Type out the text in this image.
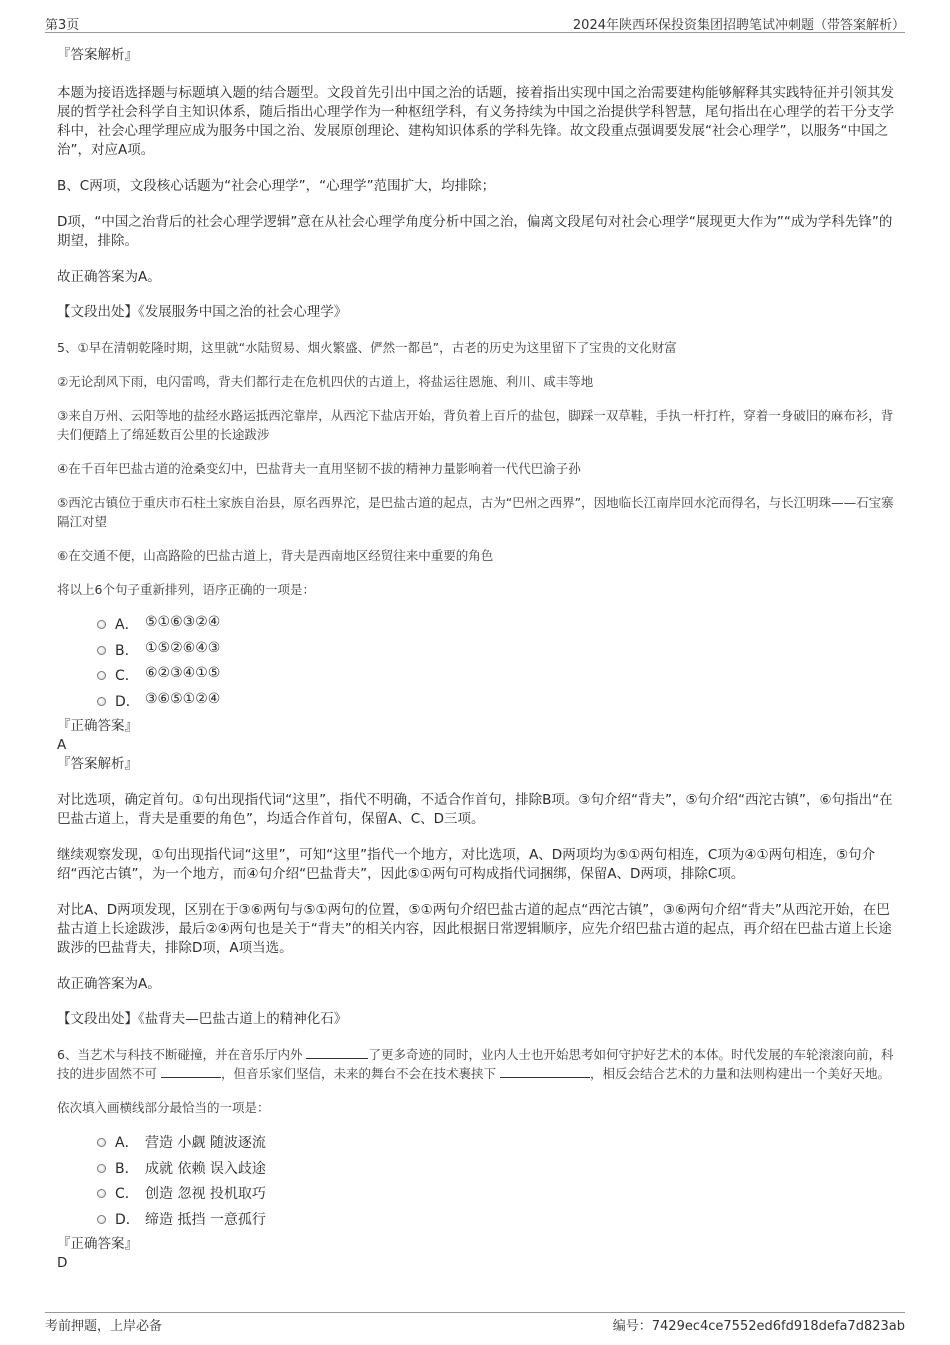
第3页	2024年陕西环保投资集团招聘笔试冲刺题（带答案解析）
『答案解析』
本题为接语选择题与标题填入题的结合题型。文段首先引出中国之治的话题，接着指出实现中国之治需要建构能够解释其实践特征并引领其发展的哲学社会科学自主知识体系，随后指出心理学作为一种枢纽学科，有义务持续为中国之治提供学科智慧，尾句指出在心理学的若干分支学科中，社会心理学理应成为服务中国之治、发展原创理论、建构知识体系的学科先锋。故文段重点强调要发展“社会心理学”，以服务“中国之治”，对应A项。
B、C两项，文段核心话题为“社会心理学”，“心理学”范围扩大，均排除；
D项，“中国之治背后的社会心理学逻辑”意在从社会心理学角度分析中国之治，偏离文段尾句对社会心理学“展现更大作为”“成为学科先锋”的期望，排除。
故正确答案为A。
【文段出处】《发展服务中国之治的社会心理学》
5、①早在清朝乾隆时期，这里就“水陆贸易、烟火繁盛、俨然一都邑”，古老的历史为这里留下了宝贵的文化财富
②无论刮风下雨，电闪雷鸣，背夫们都行走在危机四伏的古道上，将盐运往恩施、利川、咸丰等地
③来自万州、云阳等地的盐经水路运抵西沱靠岸，从西沱下盐店开始，背负着上百斤的盐包，脚踩一双草鞋，手执一杆打杵，穿着一身破旧的麻布衫，背夫们便踏上了绵延数百公里的长途跋涉
④在千百年巴盐古道的沧桑变幻中，巴盐背夫一直用坚韧不拔的精神力量影响着一代代巴渝子孙
⑤西沱古镇位于重庆市石柱土家族自治县，原名西界沱，是巴盐古道的起点，古为“巴州之西界”，因地临长江南岸回水沱而得名，与长江明珠——石宝寨隔江对望
⑥在交通不便，山高路险的巴盐古道上，背夫是西南地区经贸往来中重要的角色
将以上6个句子重新排列，语序正确的一项是：
A． ⑤①⑥③②④
B． ①⑤②⑥④③
C． ⑥②③④①⑤
D． ③⑥⑤①②④
『正确答案』
A
『答案解析』
对比选项，确定首句。①句出现指代词“这里”，指代不明确，不适合作首句，排除B项。③句介绍“背夫”，⑤句介绍“西沱古镇”，⑥句指出“在巴盐古道上，背夫是重要的角色”，均适合作首句，保留A、C、D三项。
继续观察发现，①句出现指代词“这里”，可知“这里”指代一个地方，对比选项，A、D两项均为⑤①两句相连，C项为④①两句相连，⑤句介绍“西沱古镇”，为一个地方，而④句介绍“巴盐背夫”，因此⑤①两句可构成指代词捆绑，保留A、D两项，排除C项。
对比A、D两项发现，区别在于③⑥两句与⑤①两句的位置，⑤①两句介绍巴盐古道的起点“西沱古镇”，③⑥两句介绍“背夫”从西沱开始，在巴盐古道上长途跋涉，最后②④两句也是关于“背夫”的相关内容，因此根据日常逻辑顺序，应先介绍巴盐古道的起点，再介绍在巴盐古道上长途跋涉的巴盐背夫，排除D项，A项当选。
故正确答案为A。
【文段出处】《盐背夫—巴盐古道上的精神化石》
6、当艺术与科技不断碰撞，并在音乐厅内外	了更多奇迹的同时，业内人士也开始思考如何守护好艺术的本体。时代发展的车轮滚滚向前，科技的进步固然不可	，但音乐家们坚信，未来的舞台不会在技术裹挟下	，相反会结合艺术的力量和法则构建出一个美好天地。
依次填入画横线部分最恰当的一项是：
A． 营造 小觑 随波逐流
B． 成就 依赖 误入歧途
C． 创造 忽视 投机取巧
D． 缔造 抵挡 一意孤行
『正确答案』
D
考前押题，上岸必备	编号：7429ec4ce7552ed6fd918defa7d823ab
